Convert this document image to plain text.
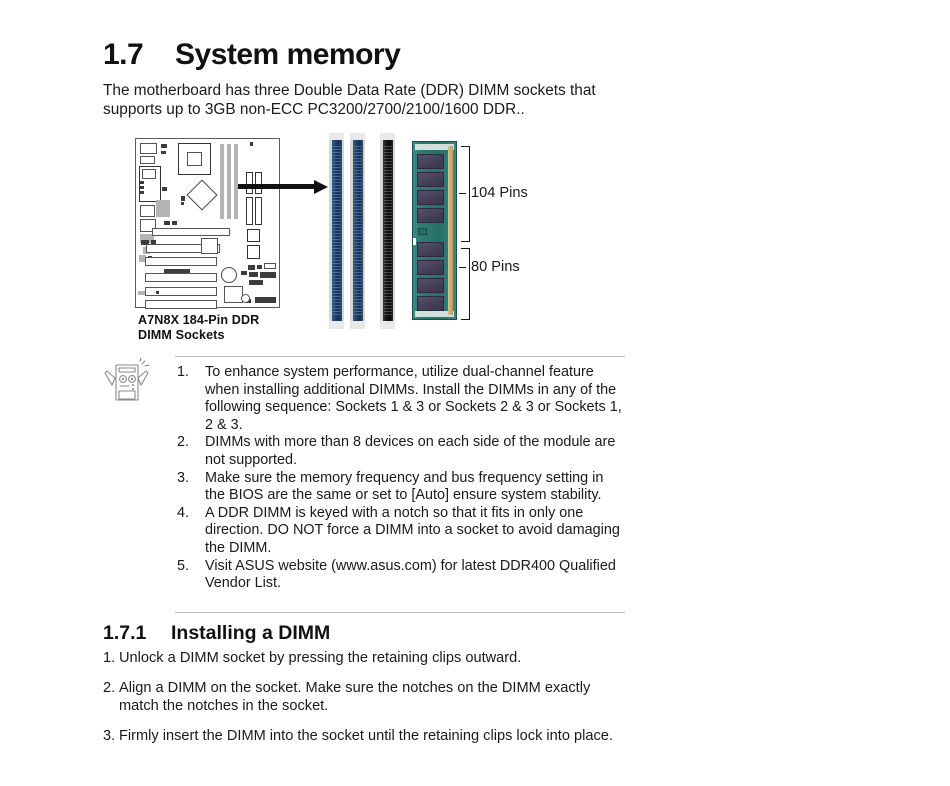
1.7	System memory
The motherboard has three Double Data Rate (DDR) DIMM sockets that supports up to 3GB non-ECC PC3200/2700/2100/1600 DDR..
A7N8X 184-Pin DDR
DIMM Sockets
104 Pins
80 Pins
1.	To enhance system performance, utilize dual-channel feature when installing additional DIMMs. Install the DIMMs in any of the following sequence: Sockets 1 & 3 or Sockets 2 & 3 or Sockets 1, 2 & 3.
2.	DIMMs with more than 8 devices on each side of the module are not supported.
3.	Make sure the memory frequency and bus frequency setting in the BIOS are the same or set to [Auto] ensure system stability.
4.	A DDR DIMM is keyed with a notch so that it fits in only one direction. DO NOT force a DIMM into a socket to avoid damaging the DIMM.
5.	Visit ASUS website (www.asus.com) for latest DDR400 Qualified Vendor List.
1.7.1	Installing a DIMM
1. Unlock a DIMM socket by pressing the retaining clips outward.
2. Align a DIMM on the socket. Make sure the notches on the DIMM exactly match the notches in the socket.
3. Firmly insert the DIMM into the socket until the retaining clips lock into place.
